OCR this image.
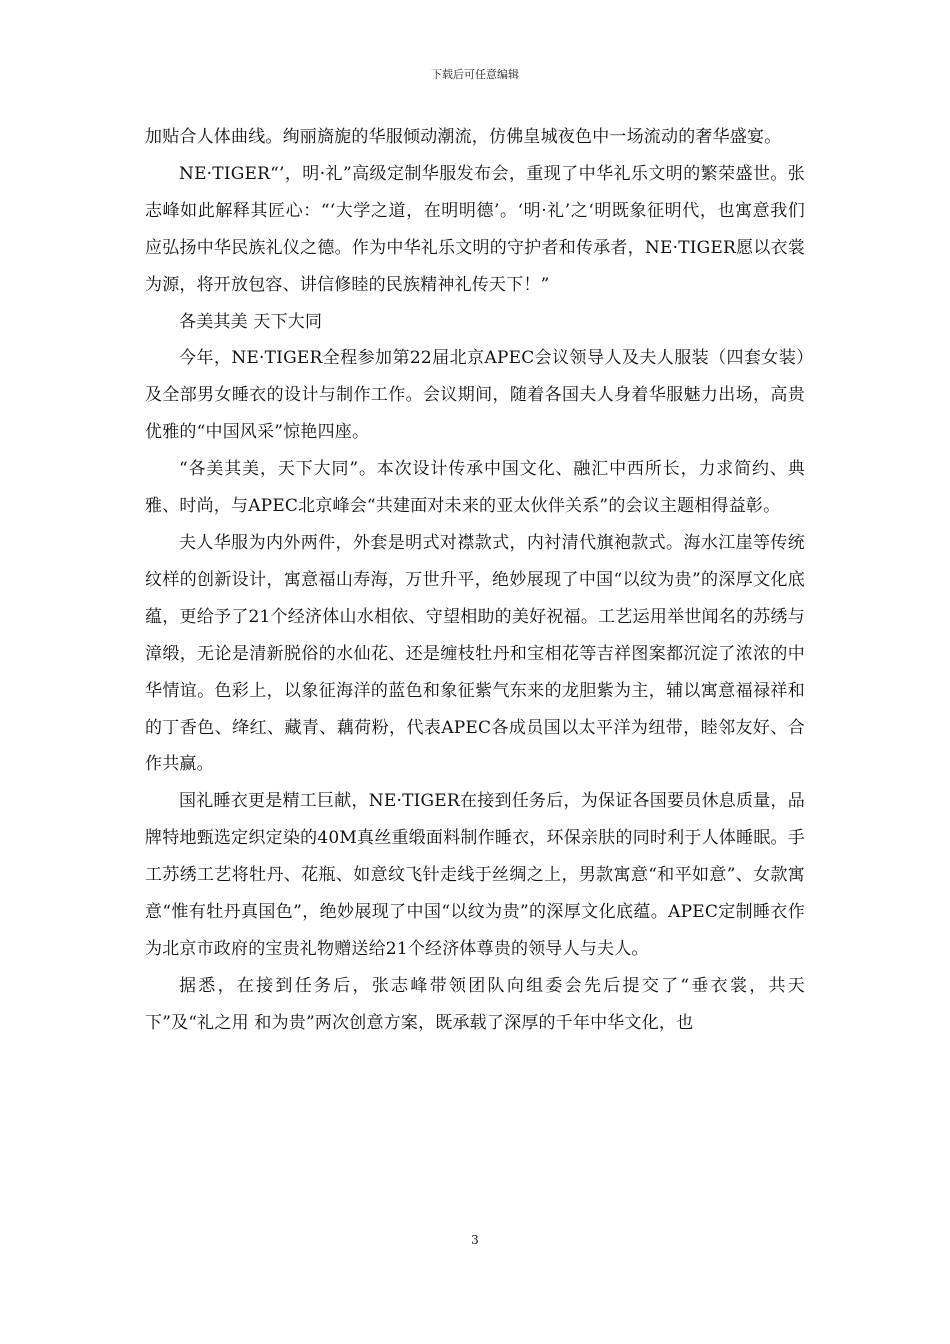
下载后可任意编辑

加贴合人体曲线。绚丽旖旎的华服倾动潮流，仿佛皇城夜色中一场流动的奢华盛宴。

NE·TIGER“’，明·礼”高级定制华服发布会，重现了中华礼乐文明的繁荣盛世。张志峰如此解释其匠心：“‘大学之道，在明明德’。‘明·礼’之‘明既象征明代，也寓意我们应弘扬中华民族礼仪之德。作为中华礼乐文明的守护者和传承者，NE·TIGER愿以衣裳为源，将开放包容、讲信修睦的民族精神礼传天下！”

各美其美 天下大同

今年，NE·TIGER全程参加第22届北京APEC会议领导人及夫人服装（四套女装）及全部男女睡衣的设计与制作工作。会议期间，随着各国夫人身着华服魅力出场，高贵优雅的“中国风采”惊艳四座。

“各美其美，天下大同”。本次设计传承中国文化、融汇中西所长，力求简约、典雅、时尚，与APEC北京峰会“共建面对未来的亚太伙伴关系”的会议主题相得益彰。

夫人华服为内外两件，外套是明式对襟款式，内衬清代旗袍款式。海水江崖等传统纹样的创新设计，寓意福山寿海，万世升平，绝妙展现了中国“以纹为贵”的深厚文化底蕴，更给予了21个经济体山水相依、守望相助的美好祝福。工艺运用举世闻名的苏绣与漳缎，无论是清新脱俗的水仙花、还是缠枝牡丹和宝相花等吉祥图案都沉淀了浓浓的中华情谊。色彩上，以象征海洋的蓝色和象征紫气东来的龙胆紫为主，辅以寓意福禄祥和的丁香色、绛红、藏青、藕荷粉，代表APEC各成员国以太平洋为纽带，睦邻友好、合作共赢。

国礼睡衣更是精工巨献，NE·TIGER在接到任务后，为保证各国要员休息质量，品牌特地甄选定织定染的40M真丝重缎面料制作睡衣，环保亲肤的同时利于人体睡眠。手工苏绣工艺将牡丹、花瓶、如意纹飞针走线于丝绸之上，男款寓意“和平如意”、女款寓意“惟有牡丹真国色”，绝妙展现了中国“以纹为贵”的深厚文化底蕴。APEC定制睡衣作为北京市政府的宝贵礼物赠送给21个经济体尊贵的领导人与夫人。

据悉，在接到任务后，张志峰带领团队向组委会先后提交了“垂衣裳，共天下”及“礼之用 和为贵”两次创意方案，既承载了深厚的千年中华文化，也

3
